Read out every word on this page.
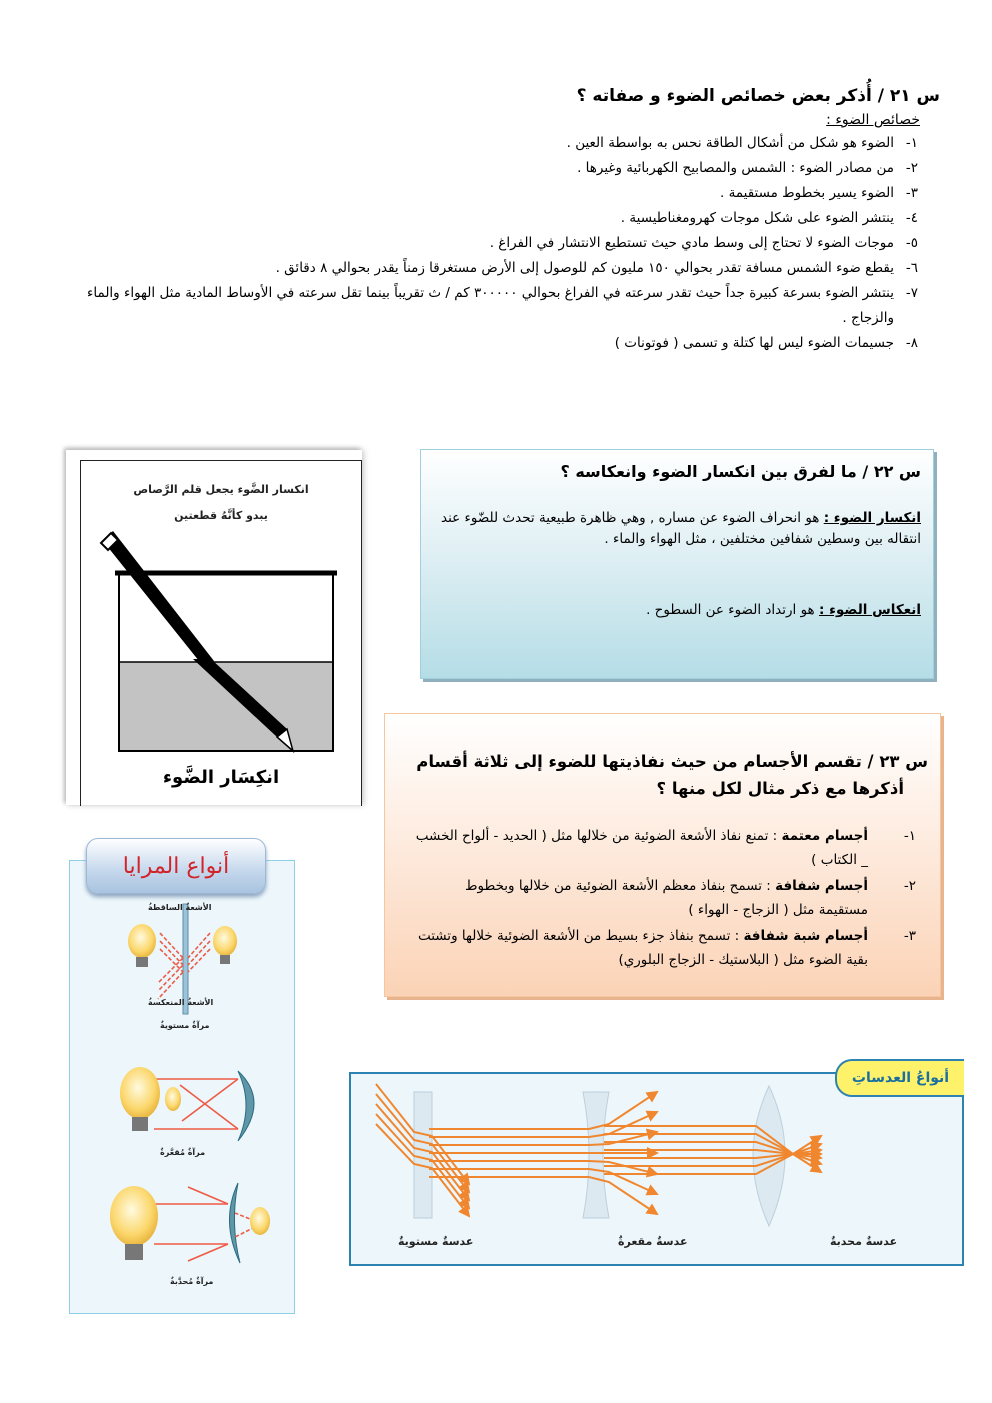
س ٢١ / أُذكر بعض خصائص الضوء و صفاته ؟
خصائص الضوء :
١-
الضوء هو شكل من أشكال الطاقة نحس به بواسطة العين .
٢-
من مصادر الضوء : الشمس والمصابيح الكهربائية وغيرها .
٣-
الضوء يسير بخطوط مستقيمة .
٤-
ينتشر الضوء على شكل موجات كهرومغناطيسية .
٥-
موجات الضوء لا تحتاج إلى وسط مادي حيث تستطيع الانتشار في الفراغ .
٦-
يقطع ضوء الشمس مسافة تقدر بحوالي ١٥٠ مليون كم للوصول إلى الأرض مستغرقا زمناً يقدر بحوالي ٨ دقائق .
٧-
ينتشر الضوء بسرعة كبيرة جداً حيث تقدر سرعته في الفراغ بحوالي ٣٠٠٠٠٠ كم / ث تقريباً بينما تقل سرعته في الأوساط المادية مثل الهواء والماء والزجاج .
٨-
جسيمات الضوء ليس لها كتلة و تسمى ( فوتونات )
انكسار الضَّوء يجعل قلم الرَّصاص
يبدو كأنَّهُ قطعتين
انكِسَار الضَّوء
س ٢٢ / ما لفرق بين انكسار الضوء وانعكاسه ؟
انكسار الضوء : هو انحراف الضوء عن مساره , وهي ظاهرة طبيعية تحدث للضّوء عند انتقاله بين وسطين شفافين مختلفين ، مثل الهواء والماء .
انعكاس الضوء : هو ارتداد الضوء عن السطوح .
س ٢٣ / تقسم الأجسام من حيث نفاذيتها للضوء إلى ثلاثة أقسام
أذكرها مع ذكر مثال لكل منها ؟
١-
أجسام معتمة : تمنع نفاذ الأشعة الضوئية من خلالها مثل ( الحديد - ألواح الخشب _ الكتاب )
٢-
أجسام شفافة : تسمح بنفاذ معظم الأشعة الضوئية من خلالها وبخطوط مستقيمة مثل ( الزجاج - الهواء )
٣-
أجسام شبة شفافة : تسمح بنفاذ جزء بسيط من الأشعة الضوئية خلالها وتشتت بقية الضوء مثل ( البلاستيك - الزجاج البلوري)
الأشعةُ الساقطةُ
الأشعةُ المنعكسةُ
مرآةٌ مستويةٌ
مرآةٌ مُقعَّرةٌ
مرآةٌ مُحدَّبةٌ
أنواع المرايا
أنواعُ العدساتِ
عدسةٌ مستويةٌ	عدسةٌ مقعرةٌ	عدسةٌ محدبةٌ
